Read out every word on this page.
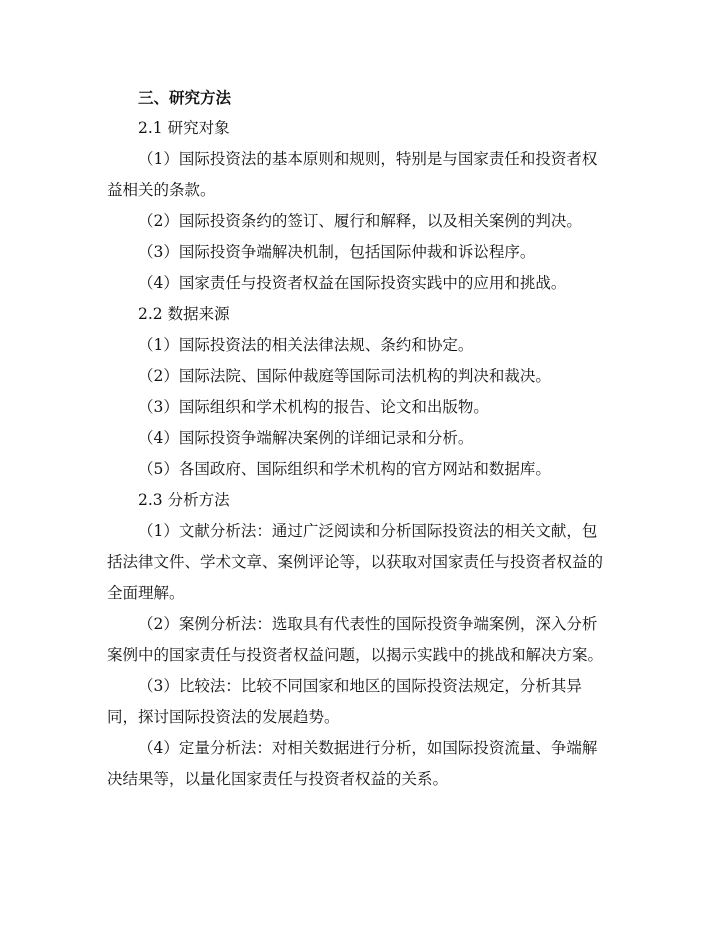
三、研究方法

2.1 研究对象

（1）国际投资法的基本原则和规则，特别是与国家责任和投资者权益相关的条款。

（2）国际投资条约的签订、履行和解释，以及相关案例的判决。

（3）国际投资争端解决机制，包括国际仲裁和诉讼程序。

（4）国家责任与投资者权益在国际投资实践中的应用和挑战。

2.2 数据来源

（1）国际投资法的相关法律法规、条约和协定。

（2）国际法院、国际仲裁庭等国际司法机构的判决和裁决。

（3）国际组织和学术机构的报告、论文和出版物。

（4）国际投资争端解决案例的详细记录和分析。

（5）各国政府、国际组织和学术机构的官方网站和数据库。

2.3 分析方法

（1）文献分析法：通过广泛阅读和分析国际投资法的相关文献，包括法律文件、学术文章、案例评论等，以获取对国家责任与投资者权益的全面理解。

（2）案例分析法：选取具有代表性的国际投资争端案例，深入分析案例中的国家责任与投资者权益问题，以揭示实践中的挑战和解决方案。

（3）比较法：比较不同国家和地区的国际投资法规定，分析其异同，探讨国际投资法的发展趋势。

（4）定量分析法：对相关数据进行分析，如国际投资流量、争端解决结果等，以量化国家责任与投资者权益的关系。
